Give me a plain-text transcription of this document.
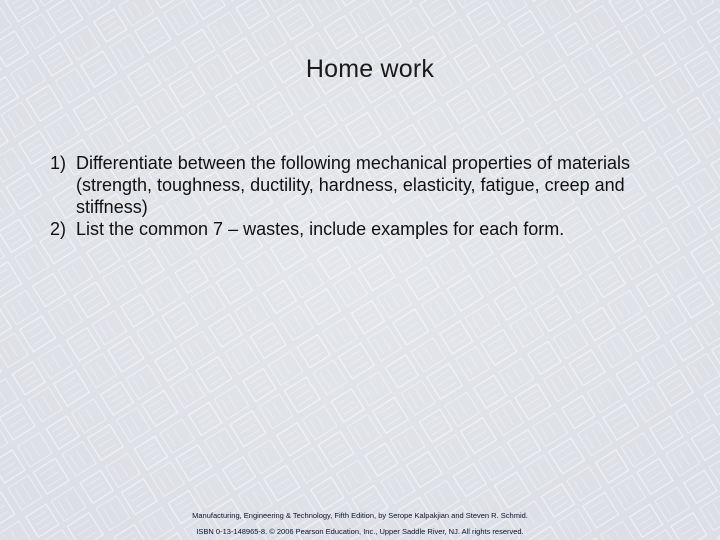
Home work
1) Differentiate between the following mechanical properties of materials (strength, toughness, ductility, hardness, elasticity, fatigue, creep and stiffness)
2) List the common 7 – wastes, include examples for each form.
Manufacturing, Engineering & Technology, Fifth Edition, by Serope Kalpakjian and Steven R. Schmid.
ISBN 0-13-148965-8. © 2006 Pearson Education, Inc., Upper Saddle River, NJ. All rights reserved.
